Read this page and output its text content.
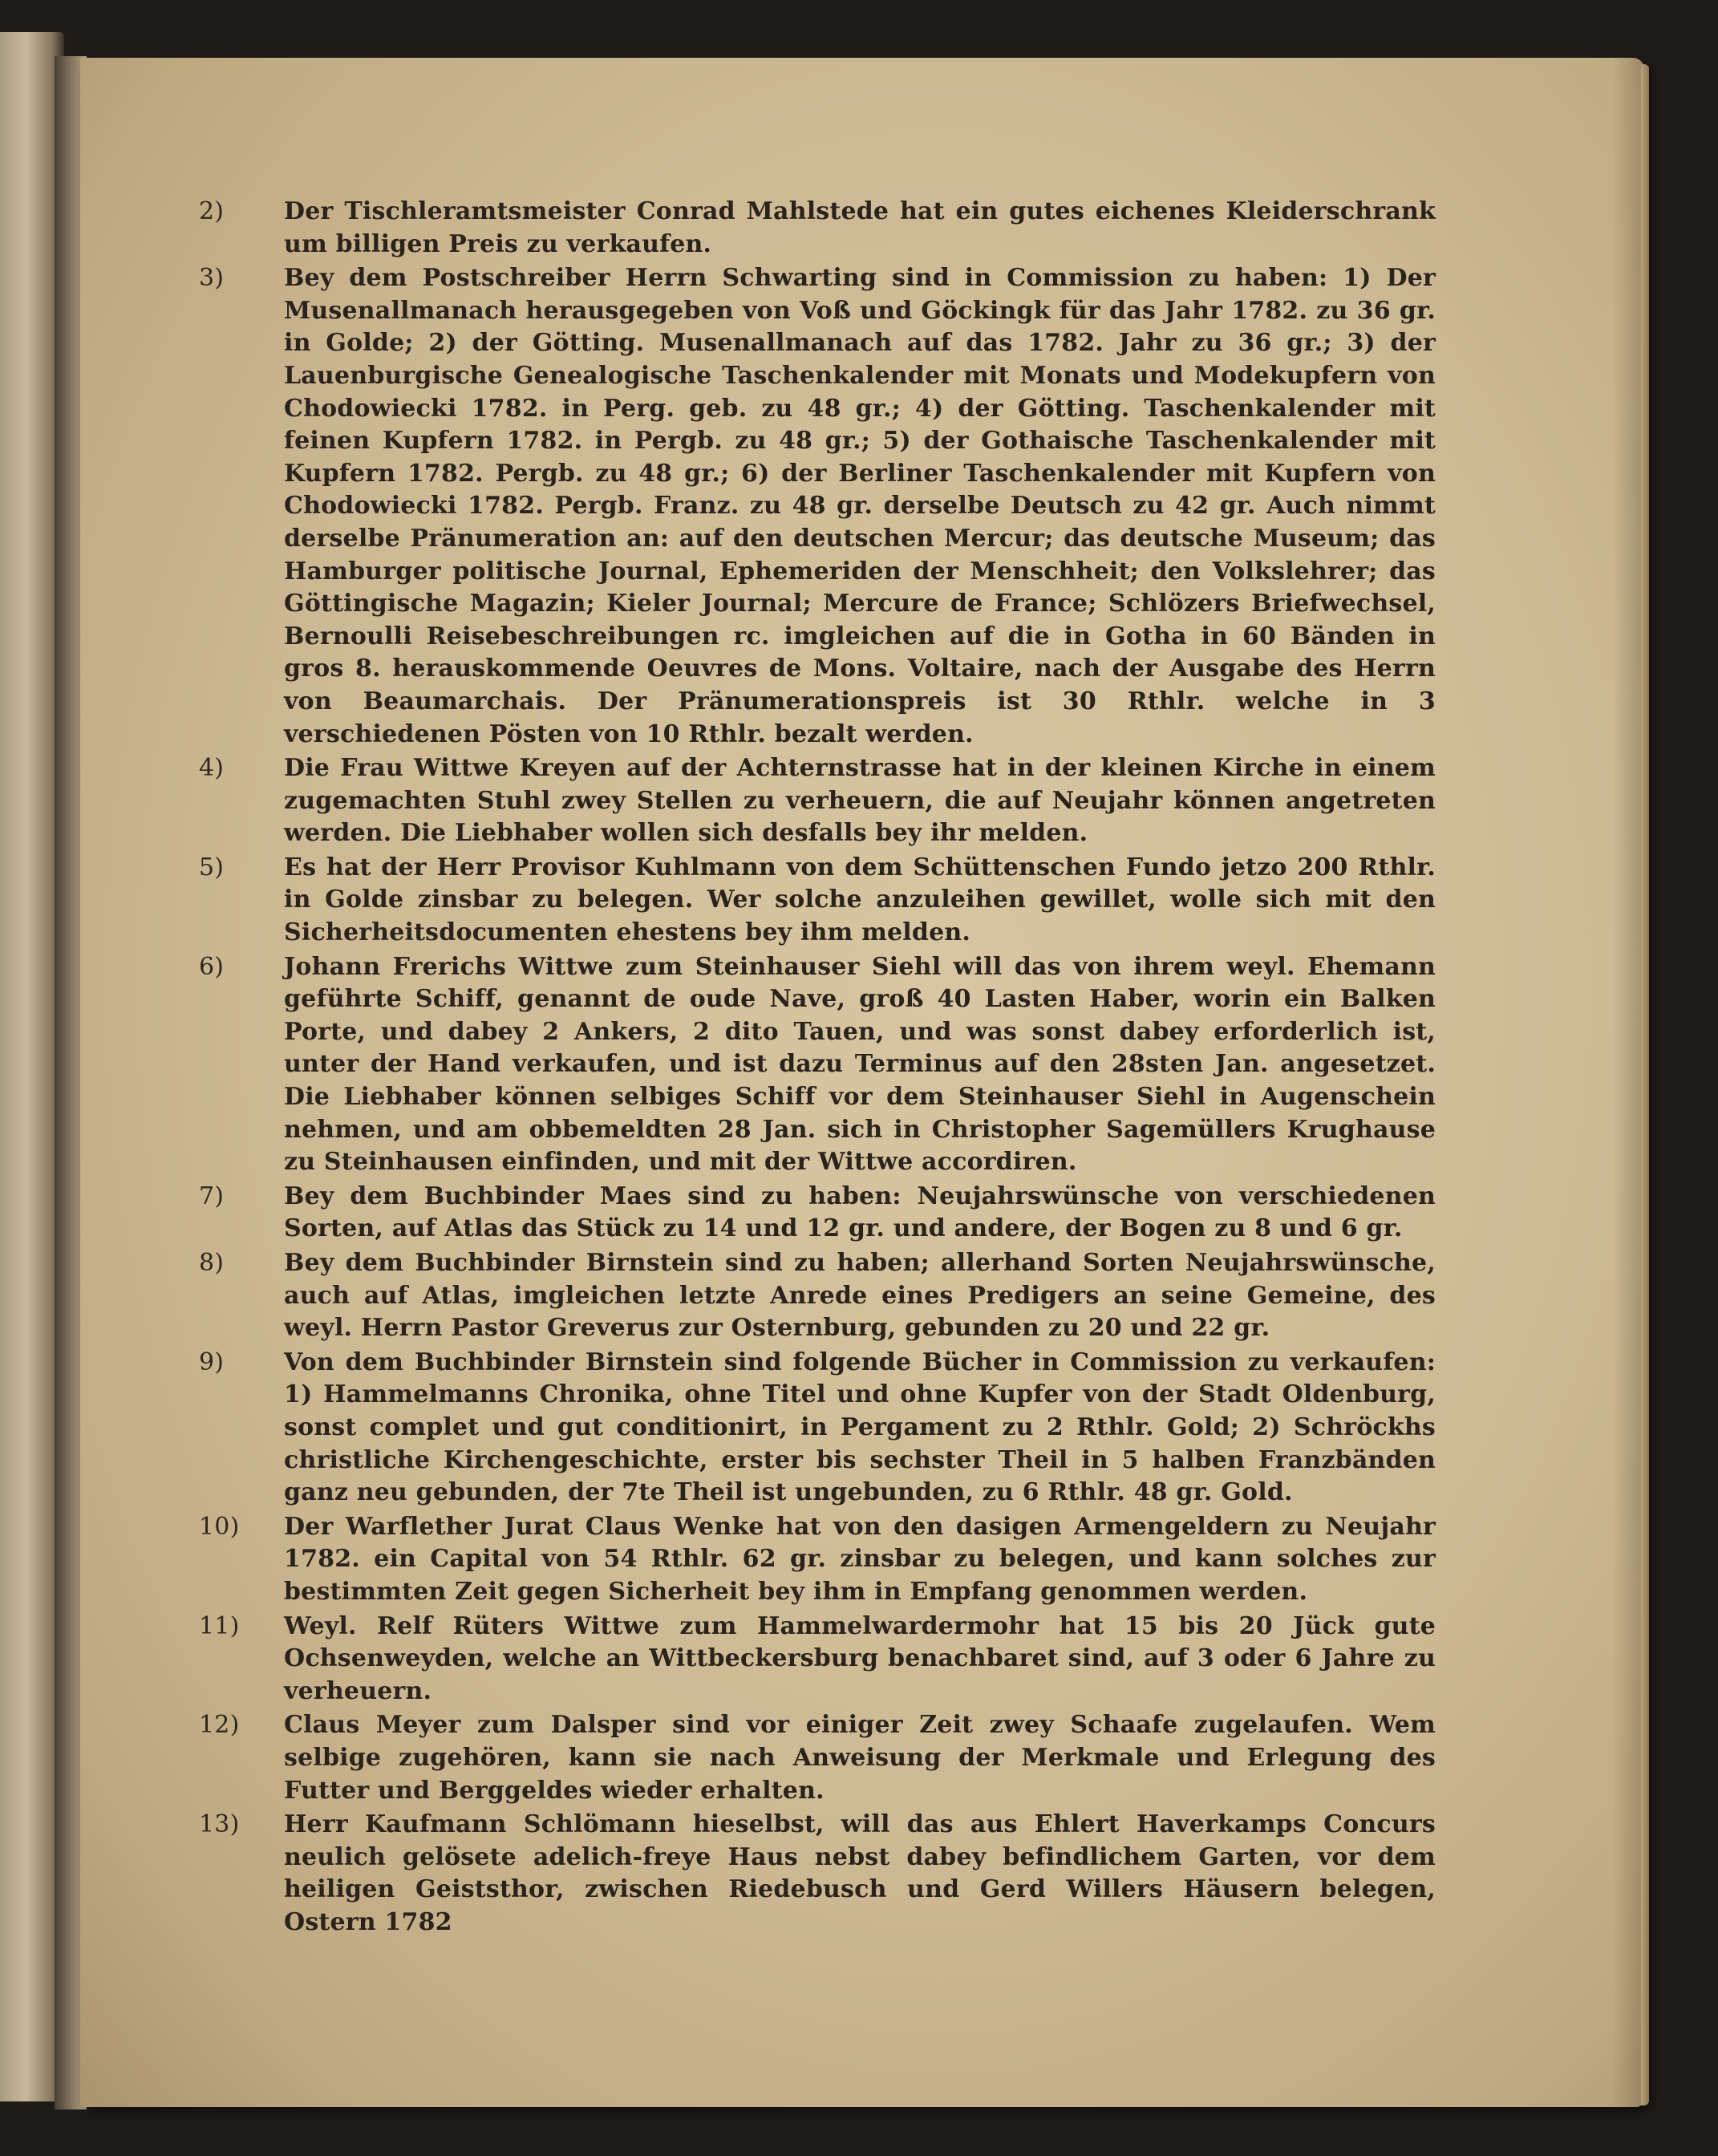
2)	Der Tischleramtsmeister Conrad Mahlstede hat ein gutes eichenes Kleiderschrank um billigen Preis zu verkaufen.
3)	Bey dem Postschreiber Herrn Schwarting sind in Commission zu haben: 1) Der Musenallmanach herausgegeben von Voß und Göckingk für das Jahr 1782. zu 36 gr. in Golde; 2) der Götting. Musenallmanach auf das 1782. Jahr zu 36 gr.; 3) der Lauenburgische Genealogische Taschenkalender mit Monats und Modekupfern von Chodowiecki 1782. in Perg. geb. zu 48 gr.; 4) der Götting. Taschenkalender mit feinen Kupfern 1782. in Pergb. zu 48 gr.; 5) der Gothaische Taschenkalender mit Kupfern 1782. Pergb. zu 48 gr.; 6) der Berliner Taschenkalender mit Kupfern von Chodowiecki 1782. Pergb. Franz. zu 48 gr. derselbe Deutsch zu 42 gr. Auch nimmt derselbe Pränumeration an: auf den deutschen Mercur; das deutsche Museum; das Hamburger politische Journal, Ephemeriden der Menschheit; den Volkslehrer; das Göttingische Magazin; Kieler Journal; Mercure de France; Schlözers Briefwechsel, Bernoulli Reisebeschreibungen rc. imgleichen auf die in Gotha in 60 Bänden in gros 8. herauskommende Oeuvres de Mons. Voltaire, nach der Ausgabe des Herrn von Beaumarchais. Der Pränumerationspreis ist 30 Rthlr. welche in 3 verschiedenen Pösten von 10 Rthlr. bezalt werden.
4)	Die Frau Wittwe Kreyen auf der Achternstrasse hat in der kleinen Kirche in einem zugemachten Stuhl zwey Stellen zu verheuern, die auf Neujahr können angetreten werden. Die Liebhaber wollen sich desfalls bey ihr melden.
5)	Es hat der Herr Provisor Kuhlmann von dem Schüttenschen Fundo jetzo 200 Rthlr. in Golde zinsbar zu belegen. Wer solche anzuleihen gewillet, wolle sich mit den Sicherheitsdocumenten ehestens bey ihm melden.
6)	Johann Frerichs Wittwe zum Steinhauser Siehl will das von ihrem weyl. Ehemann geführte Schiff, genannt de oude Nave, groß 40 Lasten Haber, worin ein Balken Porte, und dabey 2 Ankers, 2 dito Tauen, und was sonst dabey erforderlich ist, unter der Hand verkaufen, und ist dazu Terminus auf den 28sten Jan. angesetzet. Die Liebhaber können selbiges Schiff vor dem Steinhauser Siehl in Augenschein nehmen, und am obbemeldten 28 Jan. sich in Christopher Sagemüllers Krughause zu Steinhausen einfinden, und mit der Wittwe accordiren.
7)	Bey dem Buchbinder Maes sind zu haben: Neujahrswünsche von verschiedenen Sorten, auf Atlas das Stück zu 14 und 12 gr. und andere, der Bogen zu 8 und 6 gr.
8)	Bey dem Buchbinder Birnstein sind zu haben; allerhand Sorten Neujahrswünsche, auch auf Atlas, imgleichen letzte Anrede eines Predigers an seine Gemeine, des weyl. Herrn Pastor Greverus zur Osternburg, gebunden zu 20 und 22 gr.
9)	Von dem Buchbinder Birnstein sind folgende Bücher in Commission zu verkaufen: 1) Hammelmanns Chronika, ohne Titel und ohne Kupfer von der Stadt Oldenburg, sonst complet und gut conditionirt, in Pergament zu 2 Rthlr. Gold; 2) Schröckhs christliche Kirchengeschichte, erster bis sechster Theil in 5 halben Franzbänden ganz neu gebunden, der 7te Theil ist ungebunden, zu 6 Rthlr. 48 gr. Gold.
10)	Der Warflether Jurat Claus Wenke hat von den dasigen Armengeldern zu Neujahr 1782. ein Capital von 54 Rthlr. 62 gr. zinsbar zu belegen, und kann solches zur bestimmten Zeit gegen Sicherheit bey ihm in Empfang genommen werden.
11)	Weyl. Relf Rüters Wittwe zum Hammelwardermohr hat 15 bis 20 Jück gute Ochsenweyden, welche an Wittbeckersburg benachbaret sind, auf 3 oder 6 Jahre zu verheuern.
12)	Claus Meyer zum Dalsper sind vor einiger Zeit zwey Schaafe zugelaufen. Wem selbige zugehören, kann sie nach Anweisung der Merkmale und Erlegung des Futter und Berggeldes wieder erhalten.
13)	Herr Kaufmann Schlömann hieselbst, will das aus Ehlert Haverkamps Concurs neulich gelösete adelich-freye Haus nebst dabey befindlichem Garten, vor dem heiligen Geiststhor, zwischen Riedebusch und Gerd Willers Häusern belegen, Ostern 1782
